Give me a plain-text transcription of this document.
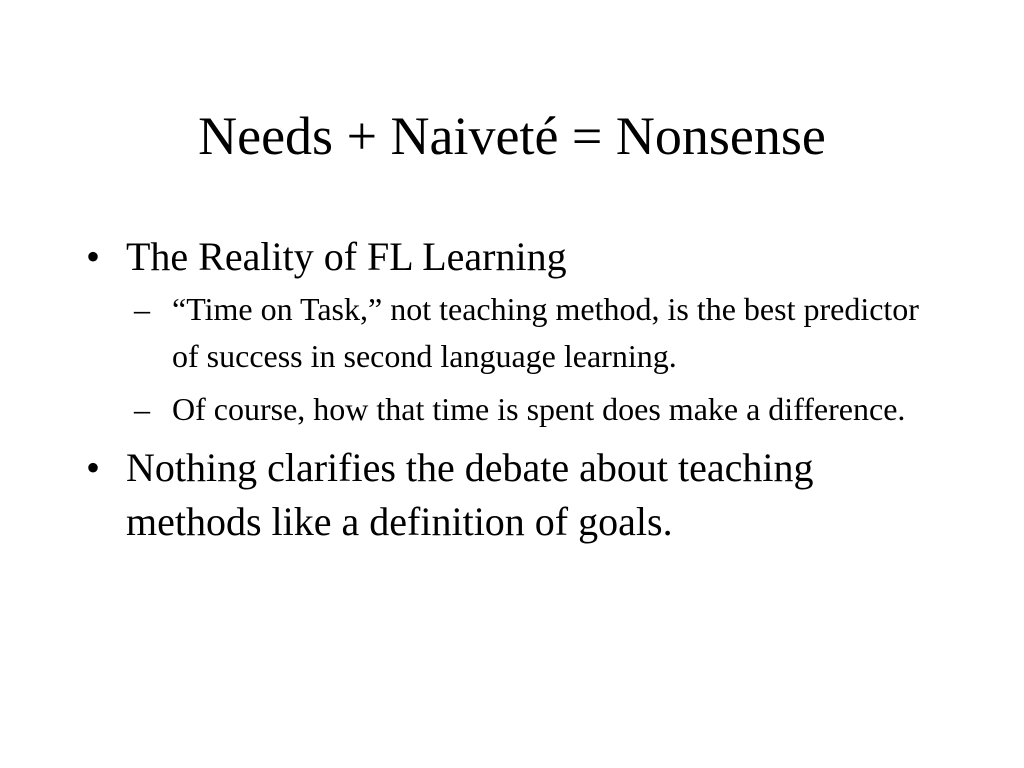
Needs + Naiveté = Nonsense
• The Reality of FL Learning
– “Time on Task,” not teaching method, is the best predictor of success in second language learning.
– Of course, how that time is spent does make a difference.
• Nothing clarifies the debate about teaching methods like a definition of goals.
